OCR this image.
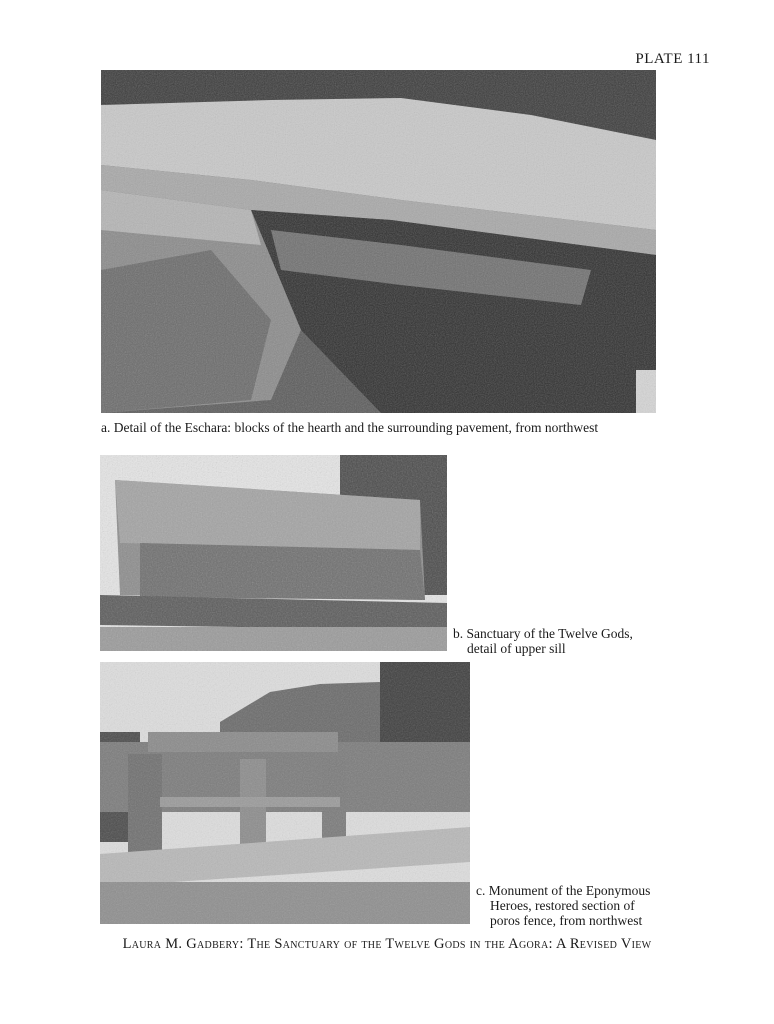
PLATE 111
a. Detail of the Eschara: blocks of the hearth and the surrounding pavement, from northwest
b. Sanctuary of the Twelve Gods,
detail of upper sill
c. Monument of the Eponymous
Heroes, restored section of
poros fence, from northwest
Laura M. Gadbery: The Sanctuary of the Twelve Gods in the Agora: A Revised View
